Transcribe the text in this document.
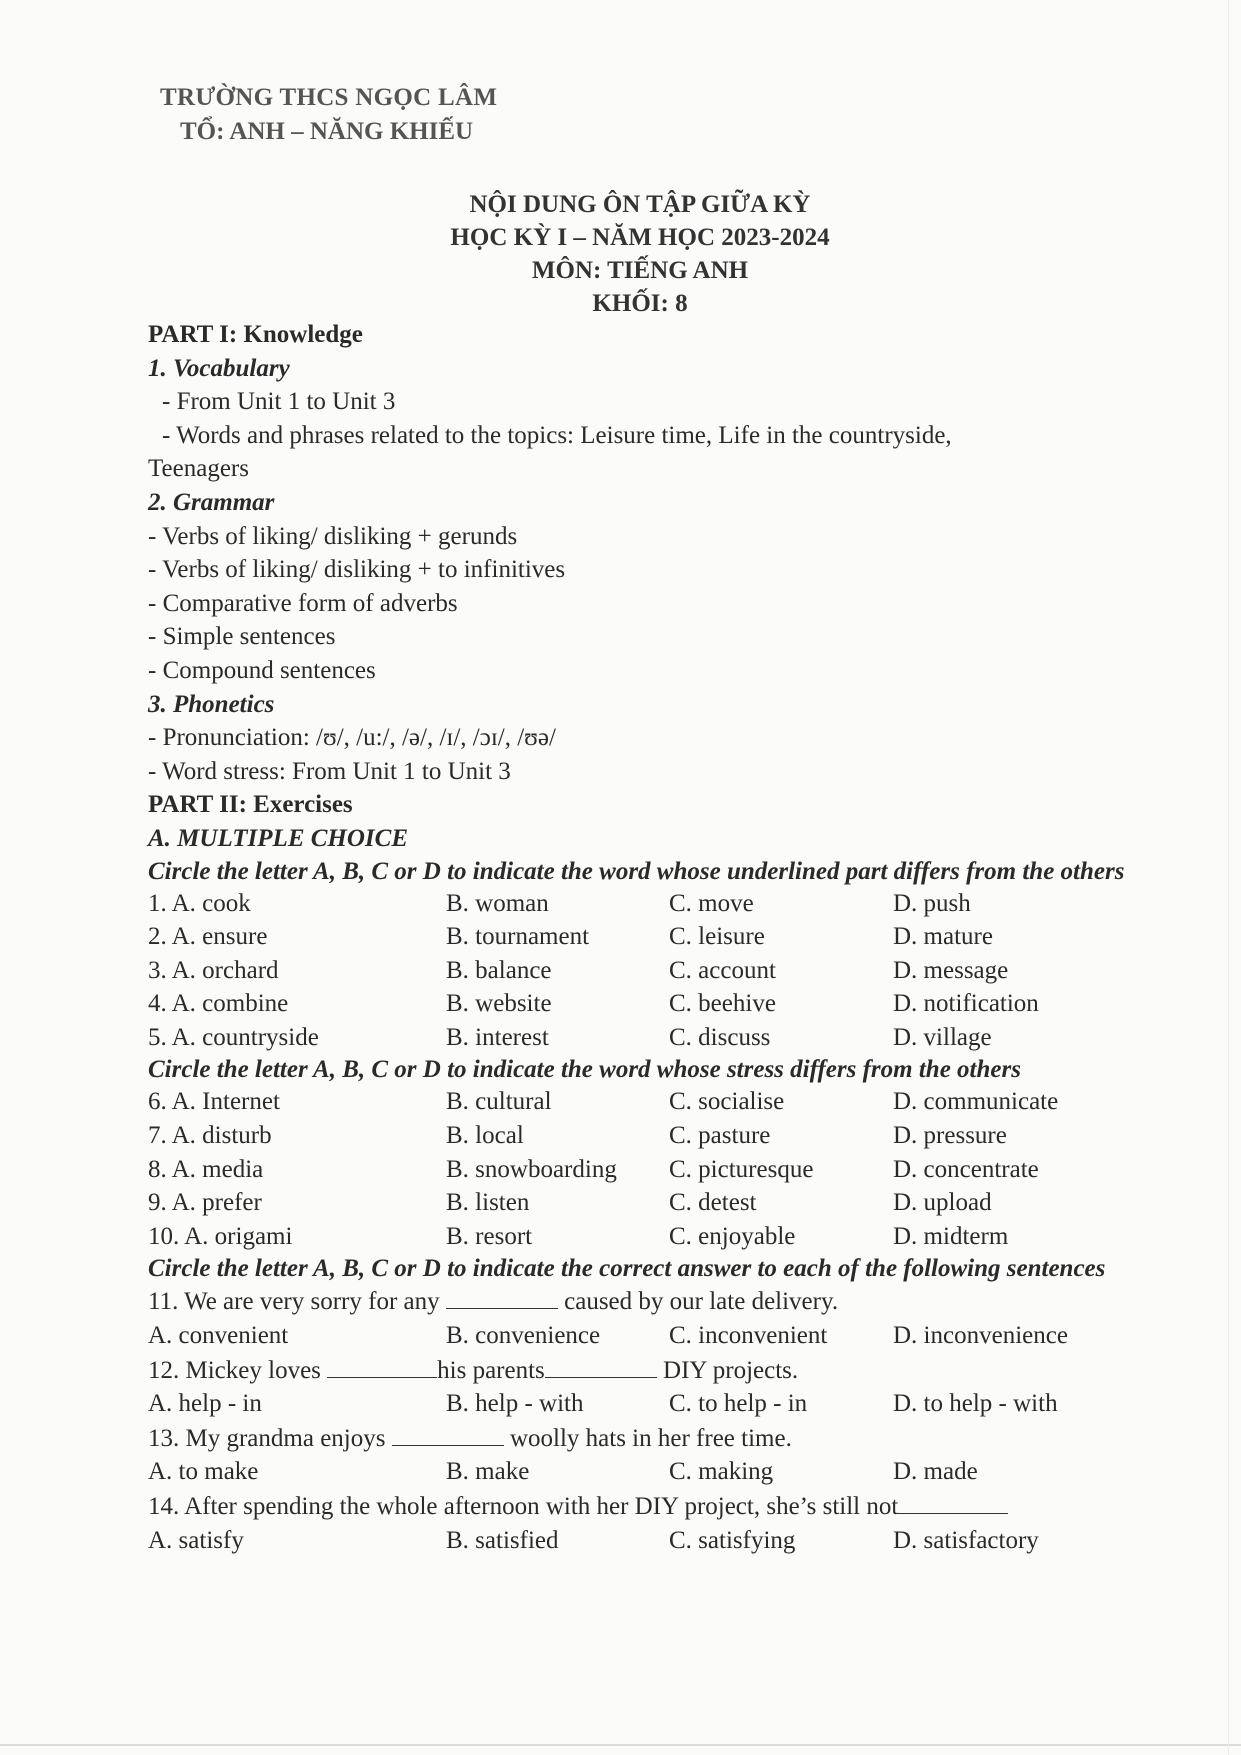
TRƯỜNG THCS NGỌC LÂM
TỔ: ANH – NĂNG KHIẾU
NỘI DUNG ÔN TẬP GIỮA KỲ
HỌC KỲ I – NĂM HỌC 2023-2024
MÔN: TIẾNG ANH
KHỐI: 8
PART I: Knowledge
1. Vocabulary
- From Unit 1 to Unit 3
- Words and phrases related to the topics: Leisure time, Life in the countryside,
Teenagers
2. Grammar
- Verbs of liking/ disliking + gerunds
- Verbs of liking/ disliking + to infinitives
- Comparative form of adverbs
- Simple sentences
- Compound sentences
3. Phonetics
- Pronunciation: /ʊ/, /u:/, /ə/, /ɪ/, /ɔɪ/, /ʊə/
- Word stress: From Unit 1 to Unit 3
PART II: Exercises
A. MULTIPLE CHOICE
Circle the letter A, B, C or D to indicate the word whose underlined part differs from the others
1. A. cook	B. woman	C. move	D. push
2. A. ensure	B. tournament	C. leisure	D. mature
3. A. orchard	B. balance	C. account	D. message
4. A. combine	B. website	C. beehive	D. notification
5. A. countryside	B. interest	C. discuss	D. village
Circle the letter A, B, C or D to indicate the word whose stress differs from the others
6. A. Internet	B. cultural	C. socialise	D. communicate
7. A. disturb	B. local	C. pasture	D. pressure
8. A. media	B. snowboarding	C. picturesque	D. concentrate
9. A. prefer	B. listen	C. detest	D. upload
10. A. origami	B. resort	C. enjoyable	D. midterm
Circle the letter A, B, C or D to indicate the correct answer to each of the following sentences
11. We are very sorry for any	caused by our late delivery.
A. convenient	B. convenience	C. inconvenient	D. inconvenience
12. Mickey loves	his parents	DIY projects.
A. help - in	B. help - with	C. to help - in	D. to help - with
13. My grandma enjoys	woolly hats in her free time.
A. to make	B. make	C. making	D. made
14. After spending the whole afternoon with her DIY project, she’s still not
A. satisfy	B. satisfied	C. satisfying	D. satisfactory
